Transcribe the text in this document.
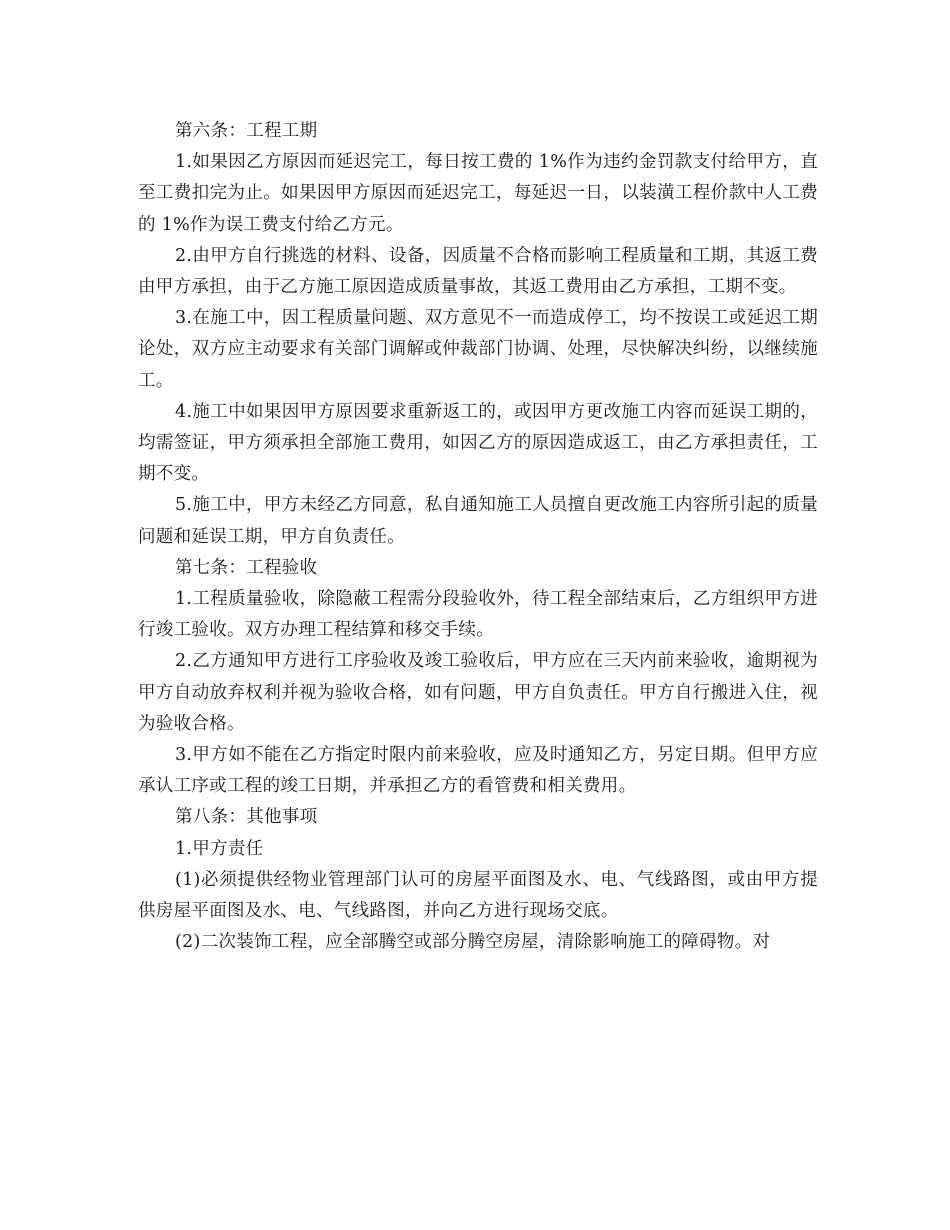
第六条：工程工期

1.如果因乙方原因而延迟完工，每日按工费的 1%作为违约金罚款支付给甲方，直至工费扣完为止。如果因甲方原因而延迟完工，每延迟一日，以装潢工程价款中人工费的 1%作为误工费支付给乙方元。

2.由甲方自行挑选的材料、设备，因质量不合格而影响工程质量和工期，其返工费由甲方承担，由于乙方施工原因造成质量事故，其返工费用由乙方承担，工期不变。

3.在施工中，因工程质量问题、双方意见不一而造成停工，均不按误工或延迟工期论处，双方应主动要求有关部门调解或仲裁部门协调、处理，尽快解决纠纷，以继续施工。

4.施工中如果因甲方原因要求重新返工的，或因甲方更改施工内容而延误工期的，均需签证，甲方须承担全部施工费用，如因乙方的原因造成返工，由乙方承担责任，工期不变。

5.施工中，甲方未经乙方同意，私自通知施工人员擅自更改施工内容所引起的质量问题和延误工期，甲方自负责任。

第七条：工程验收

1.工程质量验收，除隐蔽工程需分段验收外，待工程全部结束后，乙方组织甲方进行竣工验收。双方办理工程结算和移交手续。

2.乙方通知甲方进行工序验收及竣工验收后，甲方应在三天内前来验收，逾期视为甲方自动放弃权利并视为验收合格，如有问题，甲方自负责任。甲方自行搬进入住，视为验收合格。

3.甲方如不能在乙方指定时限内前来验收，应及时通知乙方，另定日期。但甲方应承认工序或工程的竣工日期，并承担乙方的看管费和相关费用。

第八条：其他事项

1.甲方责任

(1)必须提供经物业管理部门认可的房屋平面图及水、电、气线路图，或由甲方提供房屋平面图及水、电、气线路图，并向乙方进行现场交底。

(2)二次装饰工程，应全部腾空或部分腾空房屋，清除影响施工的障碍物。对
